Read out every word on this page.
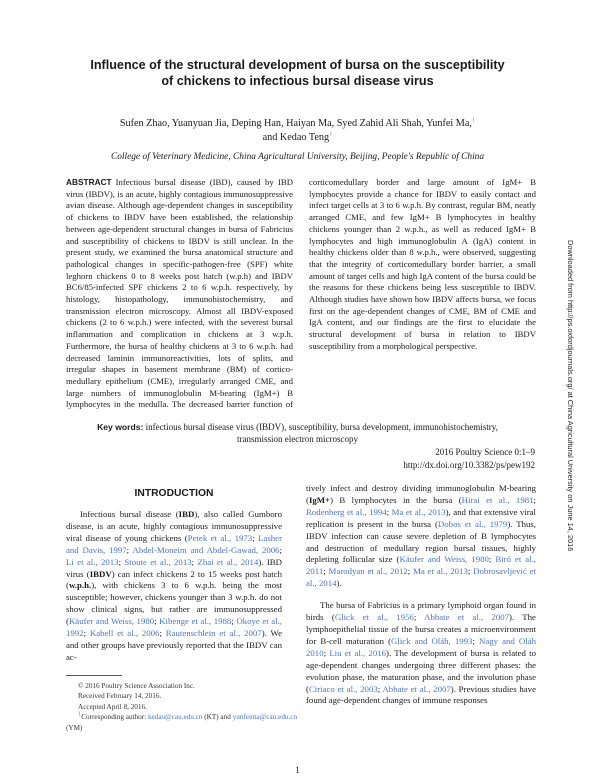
Influence of the structural development of bursa on the susceptibility
of chickens to infectious bursal disease virus
Sufen Zhao, Yuanyuan Jia, Deping Han, Haiyan Ma, Syed Zahid Ali Shah, Yunfei Ma,$^1$
and Kedao Teng$^1$
College of Veterinary Medicine, China Agricultural University, Beijing, People's Republic of China
ABSTRACT Infectious bursal disease (IBD), caused by IBD virus (IBDV), is an acute, highly contagious immunosuppressive avian disease. Although age-dependent changes in susceptibility of chickens to IBDV have been established, the relationship between age-dependent structural changes in bursa of Fabricius and susceptibility of chickens to IBDV is still unclear. In the present study, we examined the bursa anatomical structure and pathological changes in specific-pathogen-free (SPF) white leghorn chickens 0 to 8 weeks post hatch (w.p.h) and IBDV BC6/85-infected SPF chickens 2 to 6 w.p.h. respectively, by histology, histopathology, immunohistochemistry, and transmission electron microscopy. Almost all IBDV-exposed chickens (2 to 6 w.p.h.) were infected, with the severest bursal inflammation and complication in chickens at 3 w.p.h. Furthermore, the bursa of healthy chickens at 3 to 6 w.p.h. had decreased laminin immunoreactivities, lots of splits, and irregular shapes in basement membrane (BM) of cortico-medullary epithelium (CME), irregularly arranged CME, and large numbers of immunoglobulin M-bearing (IgM+) B lymphocytes in the medulla. The decreased barrier function of corticomedullary border and large amount of IgM+ B lymphocytes provide a chance for IBDV to easily contact and infect target cells at 3 to 6 w.p.h. By contrast, regular BM, neatly arranged CME, and few IgM+ B lymphocytes in healthy chickens younger than 2 w.p.h., as well as reduced IgM+ B lymphocytes and high immunoglobulin A (IgA) content in healthy chickens older than 8 w.p.h., were observed, suggesting that the integrity of corticomedullary border barrier, a small amount of target cells and high IgA content of the bursa could be the reasons for these chickens being less susceptible to IBDV. Although studies have shown how IBDV affects bursa, we focus first on the age-dependent changes of CME, BM of CME and IgA content, and our findings are the first to elucidate the structural development of bursa in relation to IBDV susceptibility from a morphological perspective.
Key words: infectious bursal disease virus (IBDV), susceptibility, bursa development, immunohistochemistry,
transmission electron microscopy
2016 Poultry Science 0:1–9
http://dx.doi.org/10.3382/ps/pew192
INTRODUCTION

Infectious bursal disease (IBD), also called Gumboro disease, is an acute, highly contagious immunosuppressive viral disease of young chickens (Petek et al., 1973; Lasher and Davis, 1997; Abdel-Moneim and Abdel-Gawad, 2006; Li et al., 2013; Stoute et al., 2013; Zhai et al., 2014). IBD virus (IBDV) can infect chickens 2 to 15 weeks post hatch (w.p.h.), with chickens 3 to 6 w.p.h. being the most susceptible; however, chickens younger than 3 w.p.h. do not show clinical signs, but rather are immunosuppressed (Käufer and Weiss, 1980; Kibenge et al., 1988; Okoye et al., 1992; Kabell et al., 2006; Rautenschlein et al., 2007). We and other groups have previously reported that the IBDV can ac-

tively infect and destroy dividing immunoglobulin M-bearing (IgM+) B lymphocytes in the bursa (Hirai et al., 1981; Rodenberg et al., 1994; Ma et al., 2013), and that extensive viral replication is present in the bursa (Dobos et al., 1979). Thus, IBDV infection can cause severe depletion of B lymphocytes and destruction of medullary region bursal tissues, highly depleting follicular size (Käufer and Weiss, 1980; Biró et al., 2011; Marodyan et al., 2012; Ma et al., 2013; Dobrosavljević et al., 2014).

The bursa of Fabricius is a primary lymphoid organ found in birds (Glick et al., 1956; Abbate et al., 2007). The lymphoepithelial tissue of the bursa creates a microenvironment for B-cell maturation (Glick and Oláh, 1993; Nagy and Oláh 2010; Liu et al., 2016). The development of bursa is related to age-dependent changes undergoing three different phases: the evolution phase, the maturation phase, and the involution phase (Ciriaco et al., 2003; Abbate et al., 2007). Previous studies have found age-dependent changes of immune responses

© 2016 Poultry Science Association Inc.
Received February 14, 2016.
Accepted April 8, 2016.
1Corresponding author: kedao@cau.edu.cn (KT) and yunfeima@cau.edu.cn
(YM)
1
Downloaded from http://ps.oxfordjournals.org/ at China Agricultural University on June 14, 2016
